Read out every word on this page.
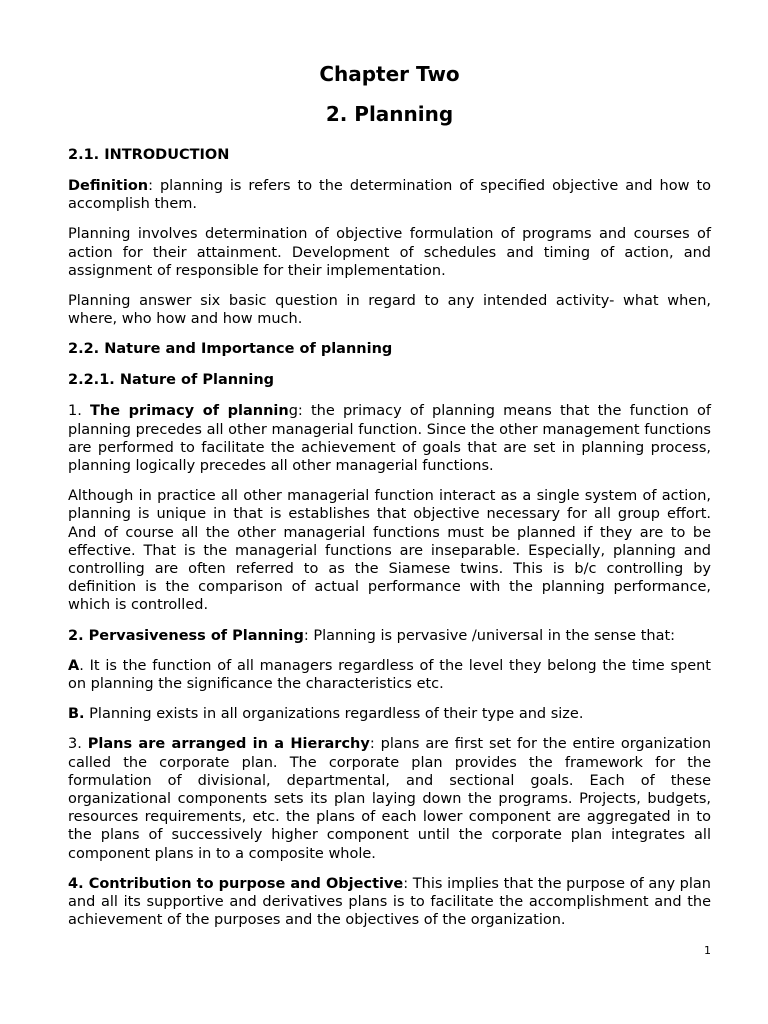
Chapter Two
2. Planning
2.1. INTRODUCTION

Definition: planning is refers to the determination of specified objective and how to accomplish them.

Planning involves determination of objective formulation of programs and courses of action for their attainment. Development of schedules and timing of action, and assignment of responsible for their implementation.

Planning answer six basic question in regard to any intended activity- what when, where, who how and how much.

2.2. Nature and Importance of planning
2.2.1. Nature of Planning

1. The primacy of planning: the primacy of planning means that the function of planning precedes all other managerial function. Since the other management functions are performed to facilitate the achievement of goals that are set in planning process, planning logically precedes all other managerial functions.

Although in practice all other managerial function interact as a single system of action, planning is unique in that is establishes that objective necessary for all group effort. And of course all the other managerial functions must be planned if they are to be effective. That is the managerial functions are inseparable. Especially, planning and controlling are often referred to as the Siamese twins. This is b/c controlling by definition is the comparison of actual performance with the planning performance, which is controlled.

2. Pervasiveness of Planning: Planning is pervasive /universal in the sense that:

A. It is the function of all managers regardless of the level they belong the time spent on planning the significance the characteristics etc.

B. Planning exists in all organizations regardless of their type and size.

3. Plans are arranged in a Hierarchy: plans are first set for the entire organization called the corporate plan. The corporate plan provides the framework for the formulation of divisional, departmental, and sectional goals. Each of these organizational components sets its plan laying down the programs. Projects, budgets, resources requirements, etc. the plans of each lower component are aggregated in to the plans of successively higher component until the corporate plan integrates all component plans in to a composite whole.

4. Contribution to purpose and Objective: This implies that the purpose of any plan and all its supportive and derivatives plans is to facilitate the accomplishment and the achievement of the purposes and the objectives of the organization.

1
